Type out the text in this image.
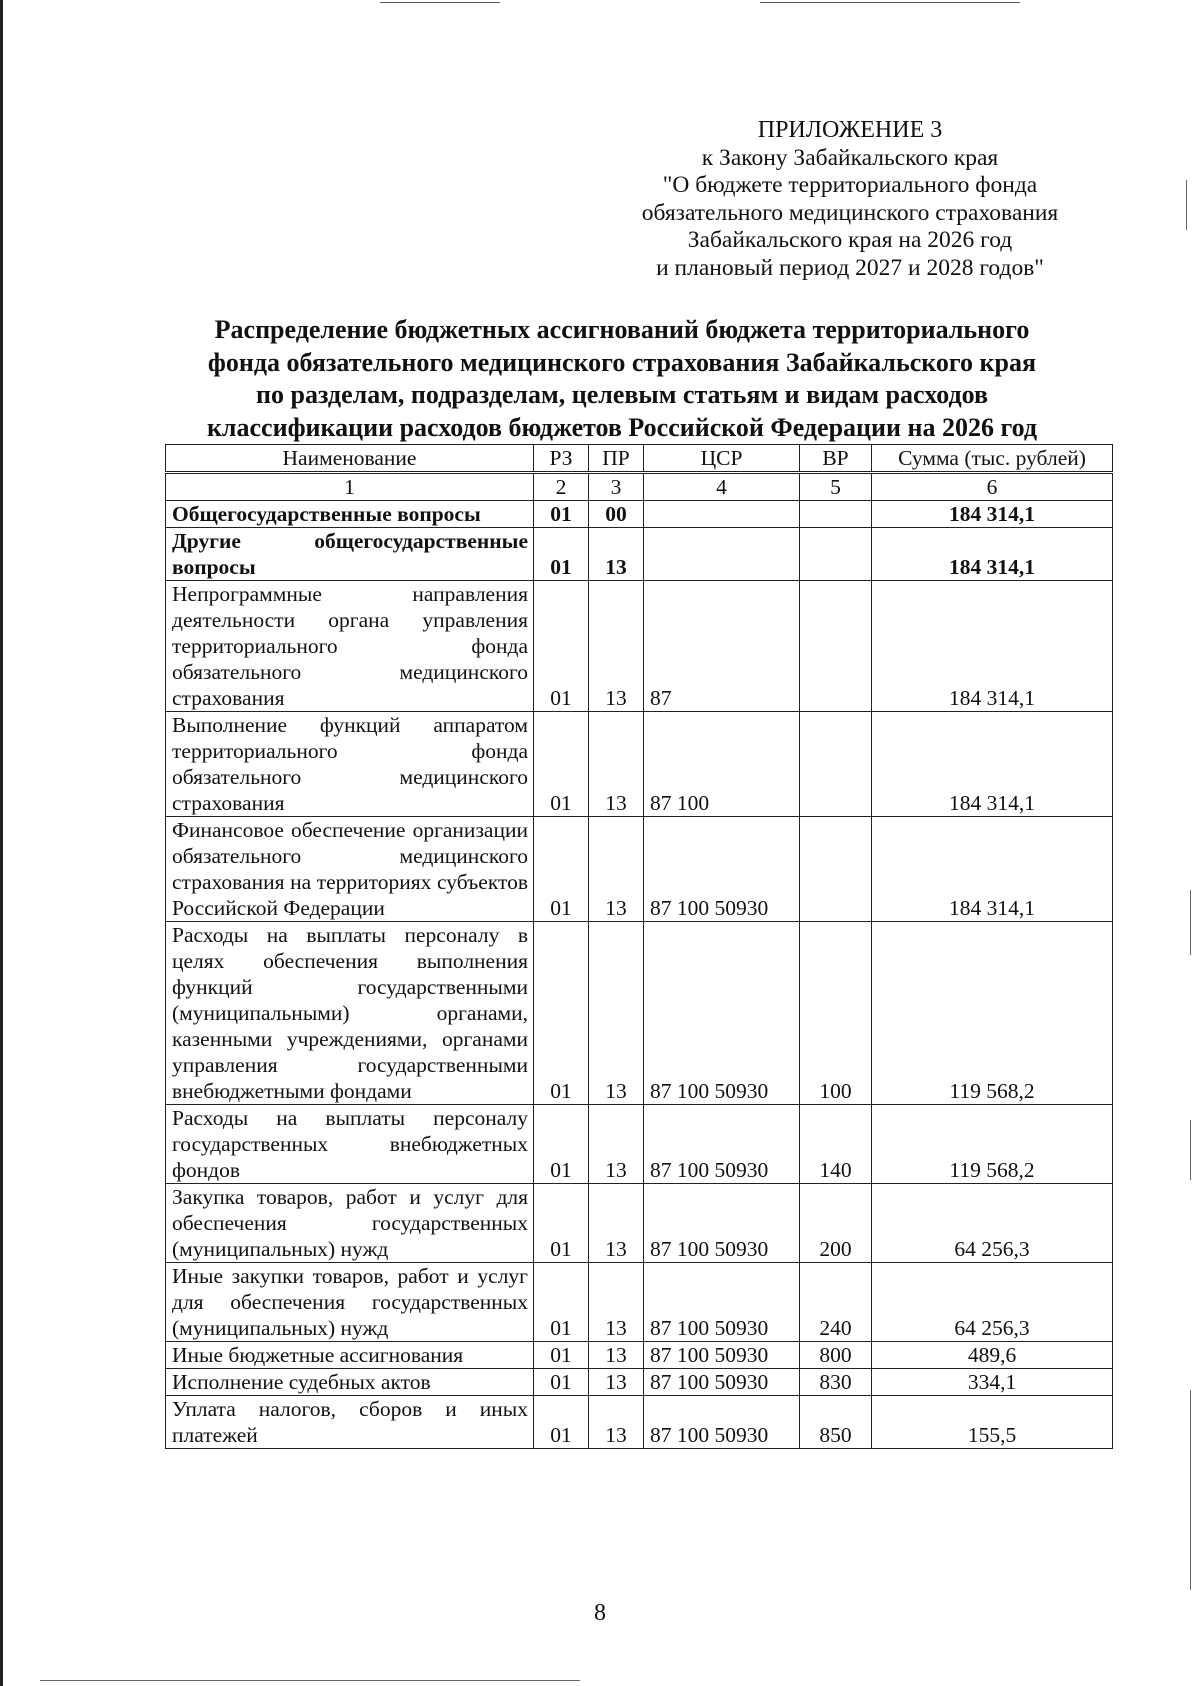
ПРИЛОЖЕНИЕ 3
к Закону Забайкальского края
"О бюджете территориального фонда
обязательного медицинского страхования
Забайкальского края на 2026 год
и плановый период 2027 и 2028 годов"
Распределение бюджетных ассигнований бюджета территориального
фонда обязательного медицинского страхования Забайкальского края
по разделам, подразделам, целевым статьям и видам расходов
классификации расходов бюджетов Российской Федерации на 2026 год
Наименование	РЗ	ПР	ЦСР	ВР	Сумма (тыс. рублей)
1	2	3	4	5	6
Общегосударственные вопросы	01	00			184 314,1
Другие общегосударственные вопросы	01	13			184 314,1
Непрограммные направления деятельности органа управления территориального фонда обязательного медицинского страхования	01	13	87		184 314,1
Выполнение функций аппаратом территориального фонда обязательного медицинского страхования	01	13	87 100		184 314,1
Финансовое обеспечение организации обязательного медицинского страхования на территориях субъектов Российской Федерации	01	13	87 100 50930		184 314,1
Расходы на выплаты персоналу в целях обеспечения выполнения функций государственными (муниципальными) органами, казенными учреждениями, органами управления государственными внебюджетными фондами	01	13	87 100 50930	100	119 568,2
Расходы на выплаты персоналу государственных внебюджетных фондов	01	13	87 100 50930	140	119 568,2
Закупка товаров, работ и услуг для обеспечения государственных (муниципальных) нужд	01	13	87 100 50930	200	64 256,3
Иные закупки товаров, работ и услуг для обеспечения государственных (муниципальных) нужд	01	13	87 100 50930	240	64 256,3
Иные бюджетные ассигнования	01	13	87 100 50930	800	489,6
Исполнение судебных актов	01	13	87 100 50930	830	334,1
Уплата налогов, сборов и иных платежей	01	13	87 100 50930	850	155,5
8
